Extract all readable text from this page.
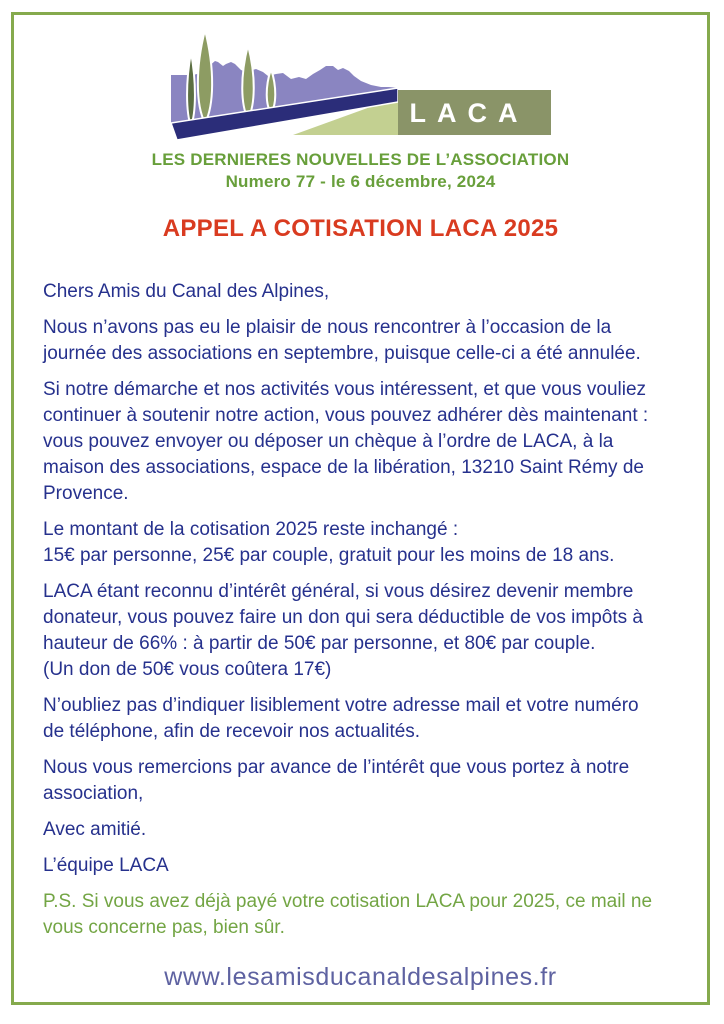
LACA
LES DERNIERES NOUVELLES DE L’ASSOCIATION
Numero 77 - le 6 décembre, 2024
APPEL A COTISATION LACA 2025

Chers Amis du Canal des Alpines,

Nous n’avons pas eu le plaisir de nous rencontrer à l’occasion de la
journée des associations en septembre, puisque celle-ci a été annulée.

Si notre démarche et nos activités vous intéressent, et que vous vouliez
continuer à soutenir notre action, vous pouvez adhérer dès maintenant :
vous pouvez envoyer ou déposer un chèque à l’ordre de LACA, à la
maison des associations, espace de la libération, 13210 Saint Rémy de
Provence.

Le montant de la cotisation 2025 reste inchangé :
15€ par personne, 25€ par couple, gratuit pour les moins de 18 ans.

LACA étant reconnu d’intérêt général, si vous désirez devenir membre
donateur, vous pouvez faire un don qui sera déductible de vos impôts à
hauteur de 66% : à partir de 50€ par personne, et 80€ par couple.
(Un don de 50€ vous coûtera 17€)

N’oubliez pas d’indiquer lisiblement votre adresse mail et votre numéro
de téléphone, afin de recevoir nos actualités.

Nous vous remercions par avance de l’intérêt que vous portez à notre
association,

Avec amitié.

L’équipe LACA

P.S. Si vous avez déjà payé votre cotisation LACA pour 2025, ce mail ne
vous concerne pas, bien sûr.

www.lesamisducanaldesalpines.fr
